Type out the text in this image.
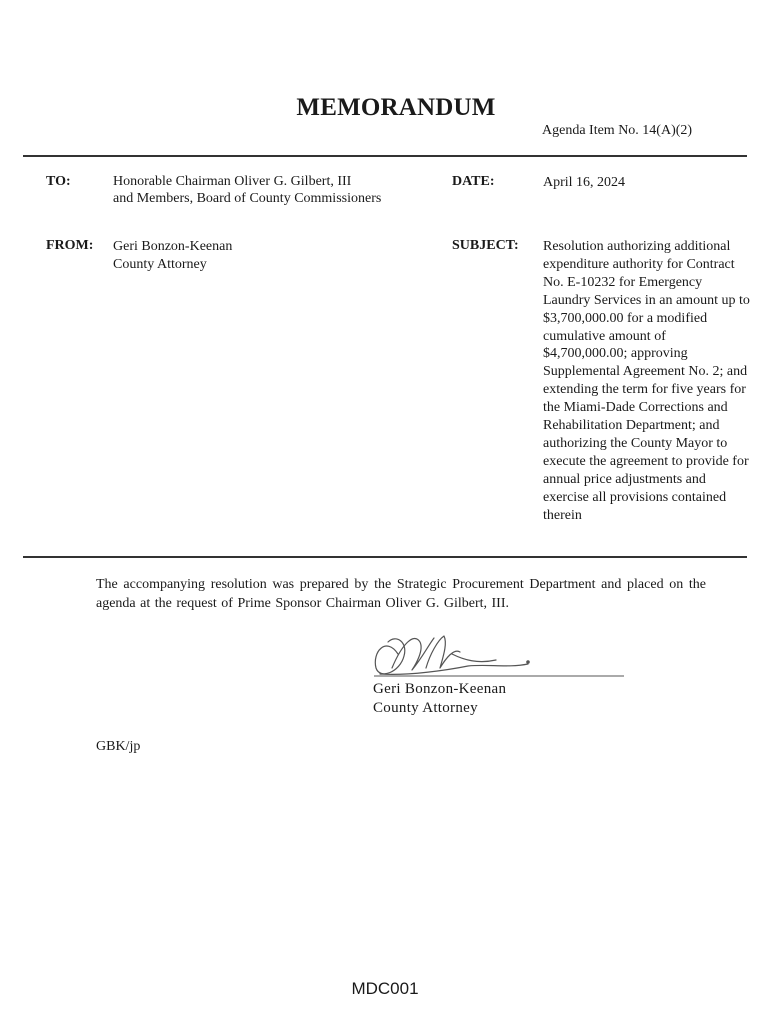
MEMORANDUM
Agenda Item No. 14(A)(2)
TO:	Honorable Chairman Oliver G. Gilbert, III
and Members, Board of County Commissioners
DATE:	April 16, 2024
FROM: Geri Bonzon-Keenan
County Attorney
SUBJECT: Resolution authorizing additional expenditure authority for Contract No. E-10232 for Emergency Laundry Services in an amount up to $3,700,000.00 for a modified cumulative amount of $4,700,000.00; approving Supplemental Agreement No. 2; and extending the term for five years for the Miami-Dade Corrections and Rehabilitation Department; and authorizing the County Mayor to execute the agreement to provide for annual price adjustments and exercise all provisions contained therein
The accompanying resolution was prepared by the Strategic Procurement Department and placed on the agenda at the request of Prime Sponsor Chairman Oliver G. Gilbert, III.
Geri Bonzon-Keenan
County Attorney
GBK/jp
MDC001
